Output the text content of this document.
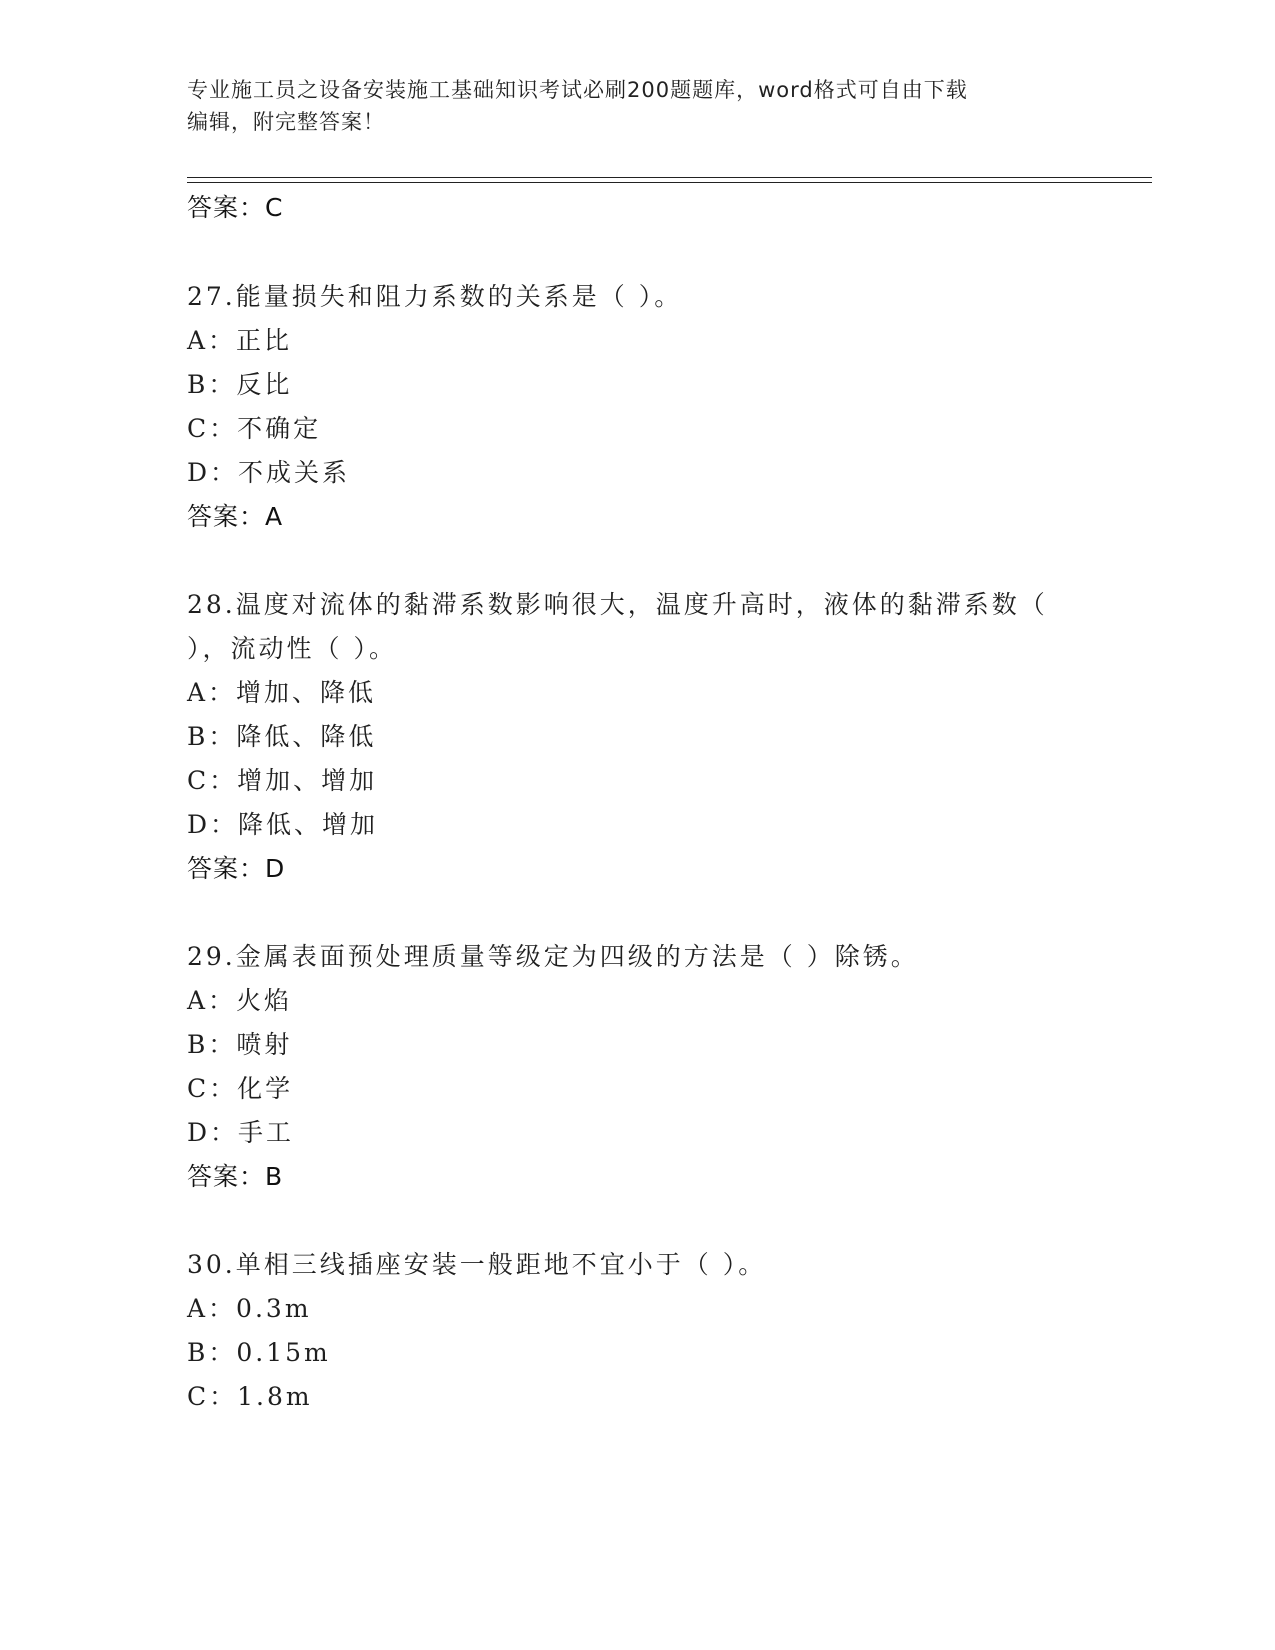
专业施工员之设备安装施工基础知识考试必刷200题题库，word格式可自由下载
编辑，附完整答案！
答案：C
27.能量损失和阻力系数的关系是（ ）。
A：正比
B：反比
C：不确定
D：不成关系
答案：A
28.温度对流体的黏滞系数影响很大，温度升高时，液体的黏滞系数（
），流动性（ ）。
A：增加、降低
B：降低、降低
C：增加、增加
D：降低、增加
答案：D
29.金属表面预处理质量等级定为四级的方法是（ ）除锈。
A：火焰
B：喷射
C：化学
D：手工
答案：B
30.单相三线插座安装一般距地不宜小于（ ）。
A：0.3m
B：0.15m
C：1.8m
